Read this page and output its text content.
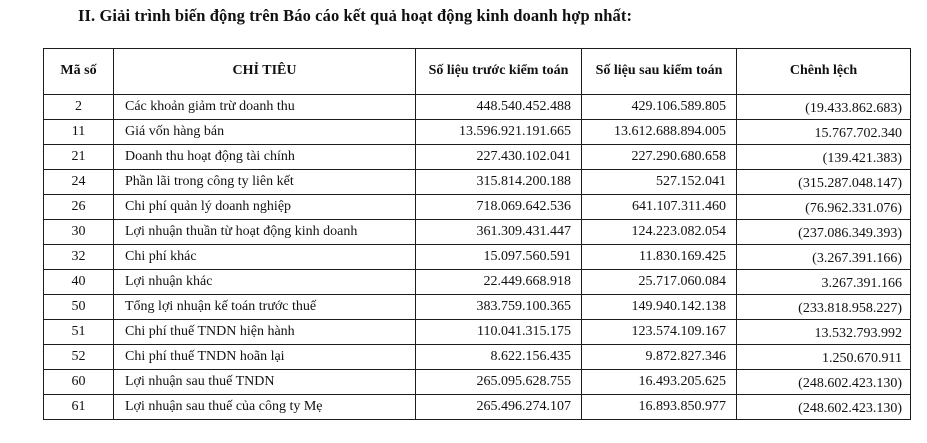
II. Giải trình biến động trên Báo cáo kết quả hoạt động kinh doanh hợp nhất:
Mã số	CHỈ TIÊU	Số liệu trước kiểm toán	Số liệu sau kiểm toán	Chênh lệch
2	Các khoản giảm trừ doanh thu	448.540.452.488	429.106.589.805	(19.433.862.683)
11	Giá vốn hàng bán	13.596.921.191.665	13.612.688.894.005	15.767.702.340
21	Doanh thu hoạt động tài chính	227.430.102.041	227.290.680.658	(139.421.383)
24	Phần lãi trong công ty liên kết	315.814.200.188	527.152.041	(315.287.048.147)
26	Chi phí quản lý doanh nghiệp	718.069.642.536	641.107.311.460	(76.962.331.076)
30	Lợi nhuận thuần từ hoạt động kinh doanh	361.309.431.447	124.223.082.054	(237.086.349.393)
32	Chi phí khác	15.097.560.591	11.830.169.425	(3.267.391.166)
40	Lợi nhuận khác	22.449.668.918	25.717.060.084	3.267.391.166
50	Tổng lợi nhuận kế toán trước thuế	383.759.100.365	149.940.142.138	(233.818.958.227)
51	Chi phí thuế TNDN hiện hành	110.041.315.175	123.574.109.167	13.532.793.992
52	Chi phí thuế TNDN hoãn lại	8.622.156.435	9.872.827.346	1.250.670.911
60	Lợi nhuận sau thuế TNDN	265.095.628.755	16.493.205.625	(248.602.423.130)
61	Lợi nhuận sau thuế của công ty Mẹ	265.496.274.107	16.893.850.977	(248.602.423.130)
